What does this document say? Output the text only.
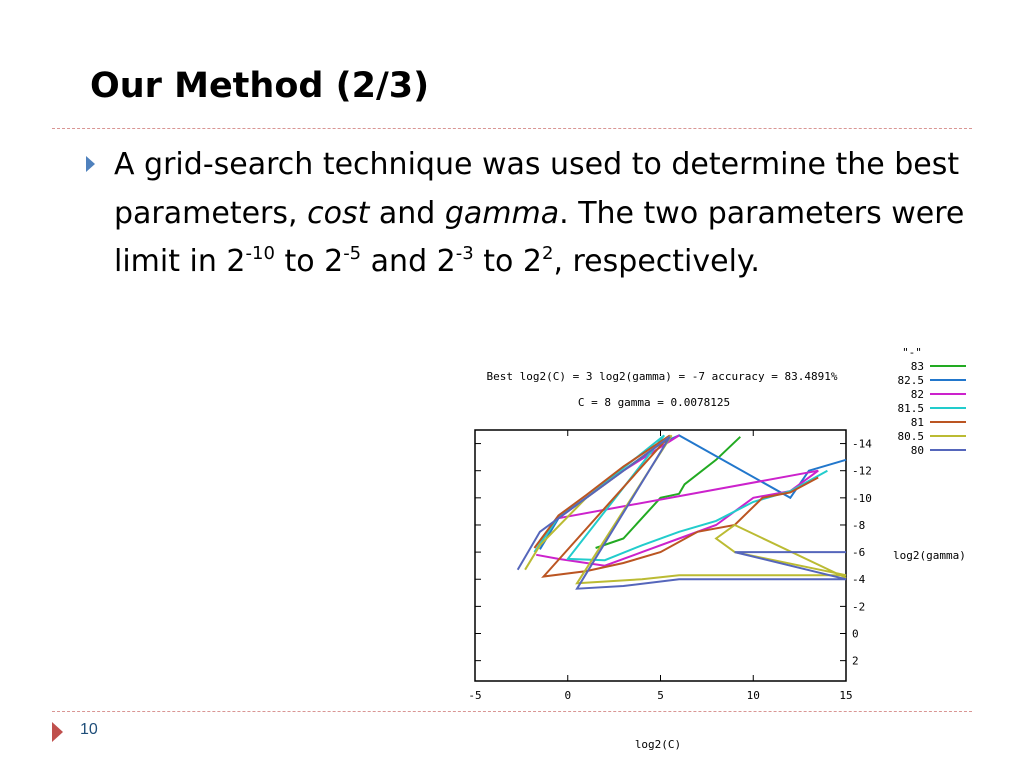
Our Method (2/3)

A grid-search technique was used to determine the best parameters, cost and gamma. The two parameters were limit in $2^{-10}$ to $2^{-5}$ and $2^{-3}$ to $2^2$, respectively.

Best log2(C) = 3 log2(gamma) = -7 accuracy = 83.4891%
C = 8 gamma = 0.0078125
-5	0	5	10	15
-14
-12
-10
-8
-6
-4
-2
0
2
log2(gamma)
log2(C)
"-"
83
82.5
82
81.5
81
80.5
80
10
